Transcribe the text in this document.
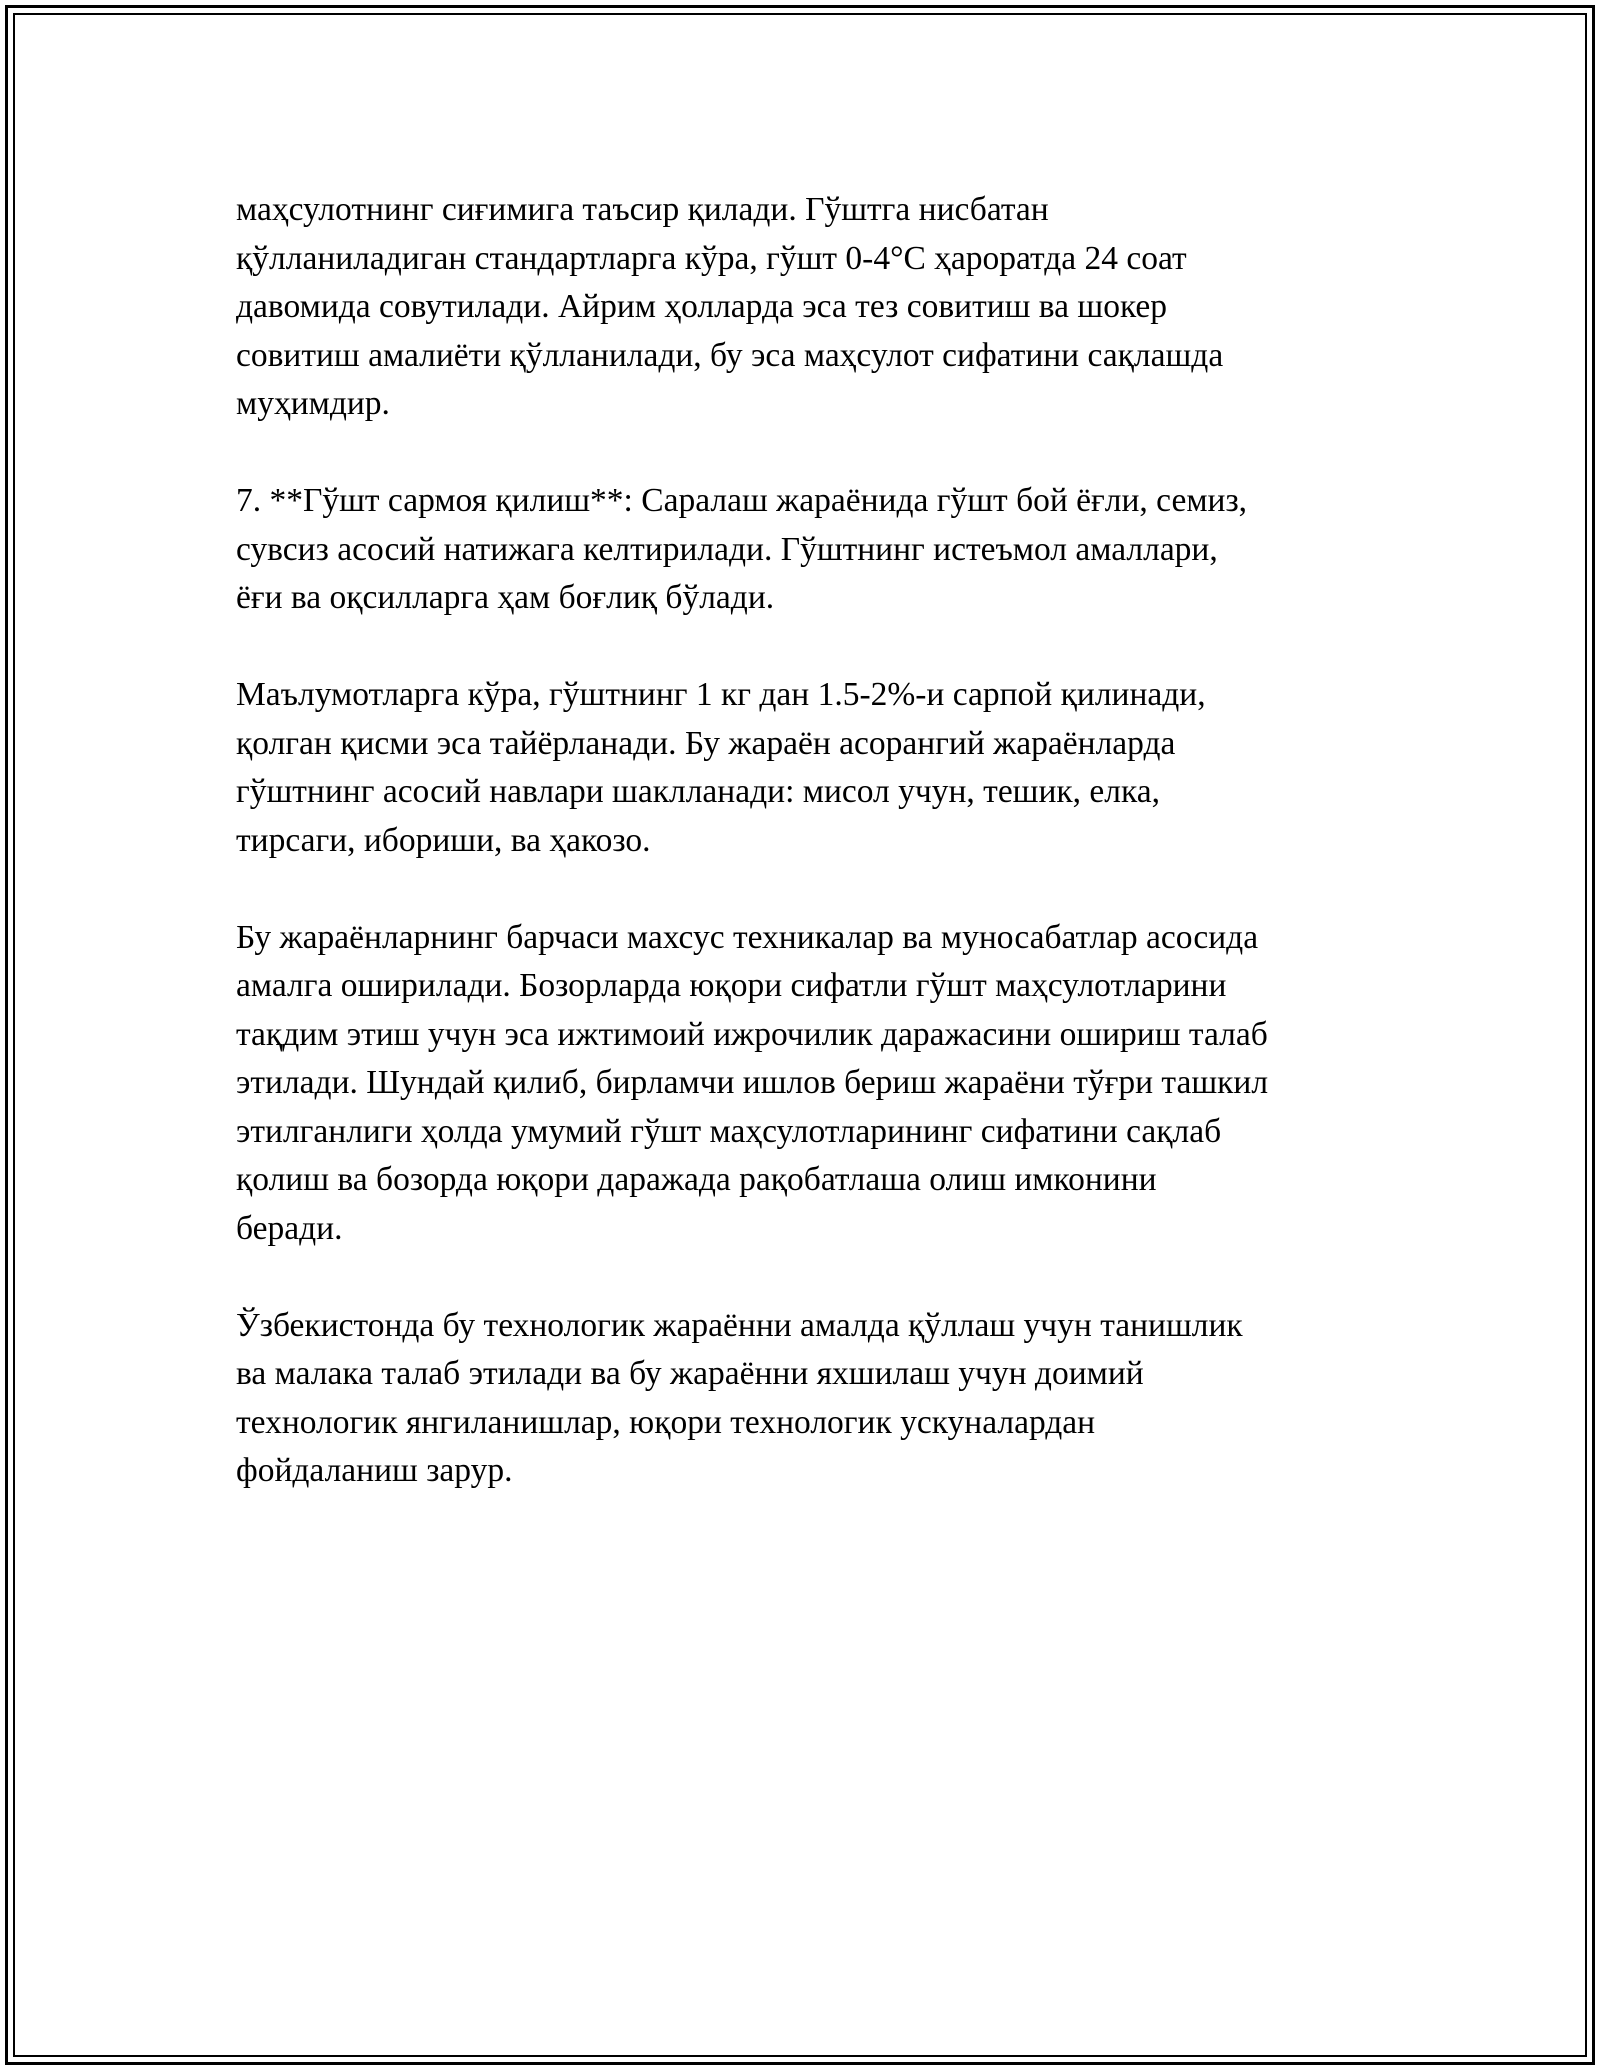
маҳсулотнинг сиғимига таъсир қилади. Гўштга нисбатан
қўлланиладиган стандартларга кўра, гўшт 0-4°С ҳароратда 24 соат
давомида совутилади. Айрим ҳолларда эса тез совитиш ва шокер
совитиш амалиёти қўлланилади, бу эса маҳсулот сифатини сақлашда
муҳимдир.

7. **Гўшт сармоя қилиш**: Саралаш жараёнида гўшт бой ёғли, семиз,
сувсиз асосий натижага келтирилади. Гўштнинг истеъмол амаллари,
ёғи ва оқсилларга ҳам боғлиқ бўлади.

Маълумотларга кўра, гўштнинг 1 кг дан 1.5-2%-и сарпой қилинади,
қолган қисми эса тайёрланади. Бу жараён асорангий жараёнларда
гўштнинг асосий навлари шаклланади: мисол учун, тешик, елка,
тирсаги, ибориши, ва ҳакозо.

Бу жараёнларнинг барчаси махсус техникалар ва муносабатлар асосида
амалга оширилади. Бозорларда юқори сифатли гўшт маҳсулотларини
тақдим этиш учун эса ижтимоий ижрочилик даражасини ошириш талаб
этилади. Шундай қилиб, бирламчи ишлов бериш жараёни тўғри ташкил
этилганлиги ҳолда умумий гўшт маҳсулотларининг сифатини сақлаб
қолиш ва бозорда юқори даражада рақобатлаша олиш имконини
беради.

Ўзбекистонда бу технологик жараённи амалда қўллаш учун танишлик
ва малака талаб этилади ва бу жараённи яхшилаш учун доимий
технологик янгиланишлар, юқори технологик ускуналардан
фойдаланиш зарур.
